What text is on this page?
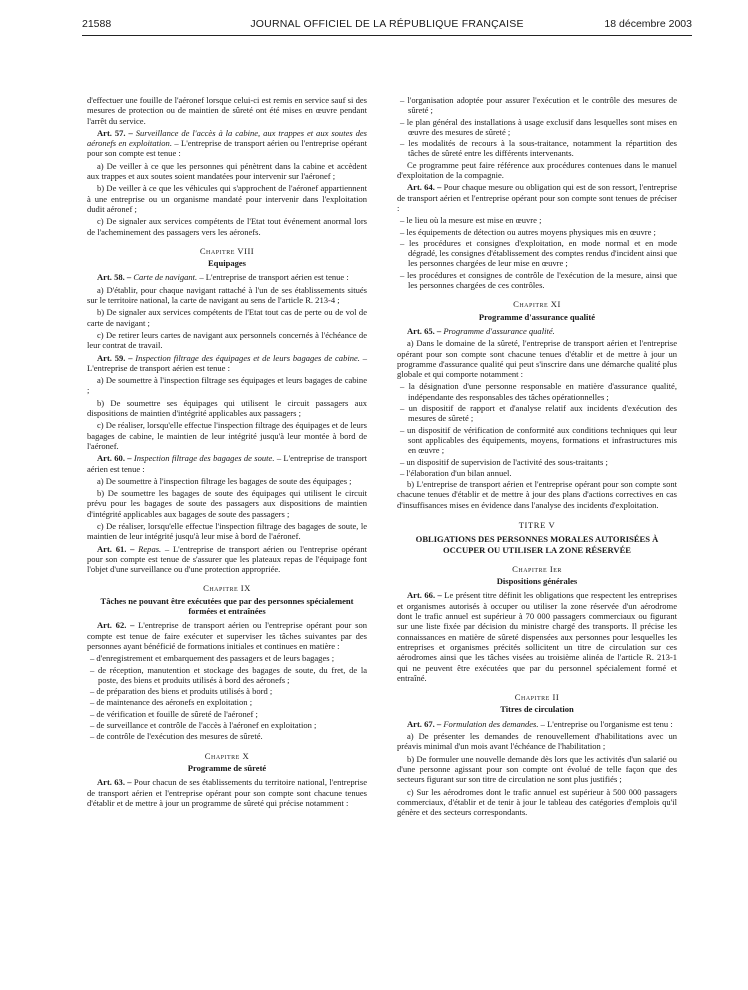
21588	JOURNAL OFFICIEL DE LA RÉPUBLIQUE FRANÇAISE	18 décembre 2003

d'effectuer une fouille de l'aéronef lorsque celui-ci est remis en service sauf si des mesures de protection ou de maintien de sûreté ont été mises en œuvre pendant l'arrêt du service.

Art. 57. – Surveillance de l'accès à la cabine, aux trappes et aux soutes des aéronefs en exploitation. – L'entreprise de transport aérien ou l'entreprise opérant pour son compte est tenue :

a) De veiller à ce que les personnes qui pénètrent dans la cabine et accèdent aux trappes et aux soutes soient mandatées pour intervenir sur l'aéronef ;

b) De veiller à ce que les véhicules qui s'approchent de l'aéronef appartiennent à une entreprise ou un organisme mandaté pour intervenir dans l'exploitation dudit aéronef ;

c) De signaler aux services compétents de l'Etat tout événement anormal lors de l'acheminement des passagers vers les aéronefs.

Chapitre VIII
Equipages

Art. 58. – Carte de navigant. – L'entreprise de transport aérien est tenue :

a) D'établir, pour chaque navigant rattaché à l'un de ses établissements situés sur le territoire national, la carte de navigant au sens de l'article R. 213-4 ;

b) De signaler aux services compétents de l'Etat tout cas de perte ou de vol de carte de navigant ;

c) De retirer leurs cartes de navigant aux personnels concernés à l'échéance de leur contrat de travail.

Art. 59. – Inspection filtrage des équipages et de leurs bagages de cabine. – L'entreprise de transport aérien est tenue :

a) De soumettre à l'inspection filtrage ses équipages et leurs bagages de cabine ;

b) De soumettre ses équipages qui utilisent le circuit passagers aux dispositions de maintien d'intégrité applicables aux passagers ;

c) De réaliser, lorsqu'elle effectue l'inspection filtrage des équipages et de leurs bagages de cabine, le maintien de leur intégrité jusqu'à leur montée à bord de l'aéronef.

Art. 60. – Inspection filtrage des bagages de soute. – L'entreprise de transport aérien est tenue :

a) De soumettre à l'inspection filtrage les bagages de soute des équipages ;

b) De soumettre les bagages de soute des équipages qui utilisent le circuit prévu pour les bagages de soute des passagers aux dispositions de maintien d'intégrité applicables aux bagages de soute des passagers ;

c) De réaliser, lorsqu'elle effectue l'inspection filtrage des bagages de soute, le maintien de leur intégrité jusqu'à leur mise à bord de l'aéronef.

Art. 61. – Repas. – L'entreprise de transport aérien ou l'entreprise opérant pour son compte est tenue de s'assurer que les plateaux repas de l'équipage font l'objet d'une surveillance ou d'une protection appropriée.

Chapitre IX
Tâches ne pouvant être exécutées que par des personnes spécialement formées et entraînées

Art. 62. – L'entreprise de transport aérien ou l'entreprise opérant pour son compte est tenue de faire exécuter et superviser les tâches suivantes par des personnes ayant bénéficié de formations initiales et continues en matière :

– d'enregistrement et embarquement des passagers et de leurs bagages ;
– de réception, manutention et stockage des bagages de soute, du fret, de la poste, des biens et produits utilisés à bord des aéronefs ;
– de préparation des biens et produits utilisés à bord ;
– de maintenance des aéronefs en exploitation ;
– de vérification et fouille de sûreté de l'aéronef ;
– de surveillance et contrôle de l'accès à l'aéronef en exploitation ;
– de contrôle de l'exécution des mesures de sûreté.
Chapitre X
Programme de sûreté

Art. 63. – Pour chacun de ses établissements du territoire national, l'entreprise de transport aérien et l'entreprise opérant pour son compte sont chacune tenues d'établir et de mettre à jour un programme de sûreté qui précise notamment :

– l'organisation adoptée pour assurer l'exécution et le contrôle des mesures de sûreté ;
– le plan général des installations à usage exclusif dans lesquelles sont mises en œuvre des mesures de sûreté ;
– les modalités de recours à la sous-traitance, notamment la répartition des tâches de sûreté entre les différents intervenants.

Ce programme peut faire référence aux procédures contenues dans le manuel d'exploitation de la compagnie.

Art. 64. – Pour chaque mesure ou obligation qui est de son ressort, l'entreprise de transport aérien et l'entreprise opérant pour son compte sont tenues de préciser :

– le lieu où la mesure est mise en œuvre ;
– les équipements de détection ou autres moyens physiques mis en œuvre ;
– les procédures et consignes d'exploitation, en mode normal et en mode dégradé, les consignes d'établissement des comptes rendus d'incident ainsi que les personnes chargées de leur mise en œuvre ;
– les procédures et consignes de contrôle de l'exécution de la mesure, ainsi que les personnes chargées de ces contrôles.
Chapitre XI
Programme d'assurance qualité

Art. 65. – Programme d'assurance qualité.

a) Dans le domaine de la sûreté, l'entreprise de transport aérien et l'entreprise opérant pour son compte sont chacune tenues d'établir et de mettre à jour un programme d'assurance qualité qui peut s'inscrire dans une démarche qualité plus globale et qui comporte notamment :

– la désignation d'une personne responsable en matière d'assurance qualité, indépendante des responsables des tâches opérationnelles ;
– un dispositif de rapport et d'analyse relatif aux incidents d'exécution des mesures de sûreté ;
– un dispositif de vérification de conformité aux conditions techniques qui leur sont applicables des équipements, moyens, formations et infrastructures mis en œuvre ;
– un dispositif de supervision de l'activité des sous-traitants ;
– l'élaboration d'un bilan annuel.

b) L'entreprise de transport aérien et l'entreprise opérant pour son compte sont chacune tenues d'établir et de mettre à jour des plans d'actions correctives en cas d'insuffisances mises en évidence dans l'analyse des incidents d'exploitation.

TITRE V
OBLIGATIONS DES PERSONNES MORALES AUTORISÉES À OCCUPER OU UTILISER LA ZONE RÉSERVÉE
Chapitre Ier
Dispositions générales

Art. 66. – Le présent titre définit les obligations que respectent les entreprises et organismes autorisés à occuper ou utiliser la zone réservée d'un aérodrome dont le trafic annuel est supérieur à 70 000 passagers commerciaux ou figurant sur une liste fixée par décision du ministre chargé des transports. Il précise les connaissances en matière de sûreté dispensées aux personnes pour lesquelles les entreprises et organismes précités sollicitent un titre de circulation sur ces aérodromes ainsi que les tâches visées au troisième alinéa de l'article R. 213-1 qui ne peuvent être exécutées que par du personnel spécialement formé et entraîné.

Chapitre II
Titres de circulation

Art. 67. – Formulation des demandes. – L'entreprise ou l'organisme est tenu :

a) De présenter les demandes de renouvellement d'habilitations avec un préavis minimal d'un mois avant l'échéance de l'habilitation ;

b) De formuler une nouvelle demande dès lors que les activités d'un salarié ou d'une personne agissant pour son compte ont évolué de telle façon que des secteurs figurant sur son titre de circulation ne sont plus justifiés ;

c) Sur les aérodromes dont le trafic annuel est supérieur à 500 000 passagers commerciaux, d'établir et de tenir à jour le tableau des catégories d'emplois qu'il génère et des secteurs correspondants.
